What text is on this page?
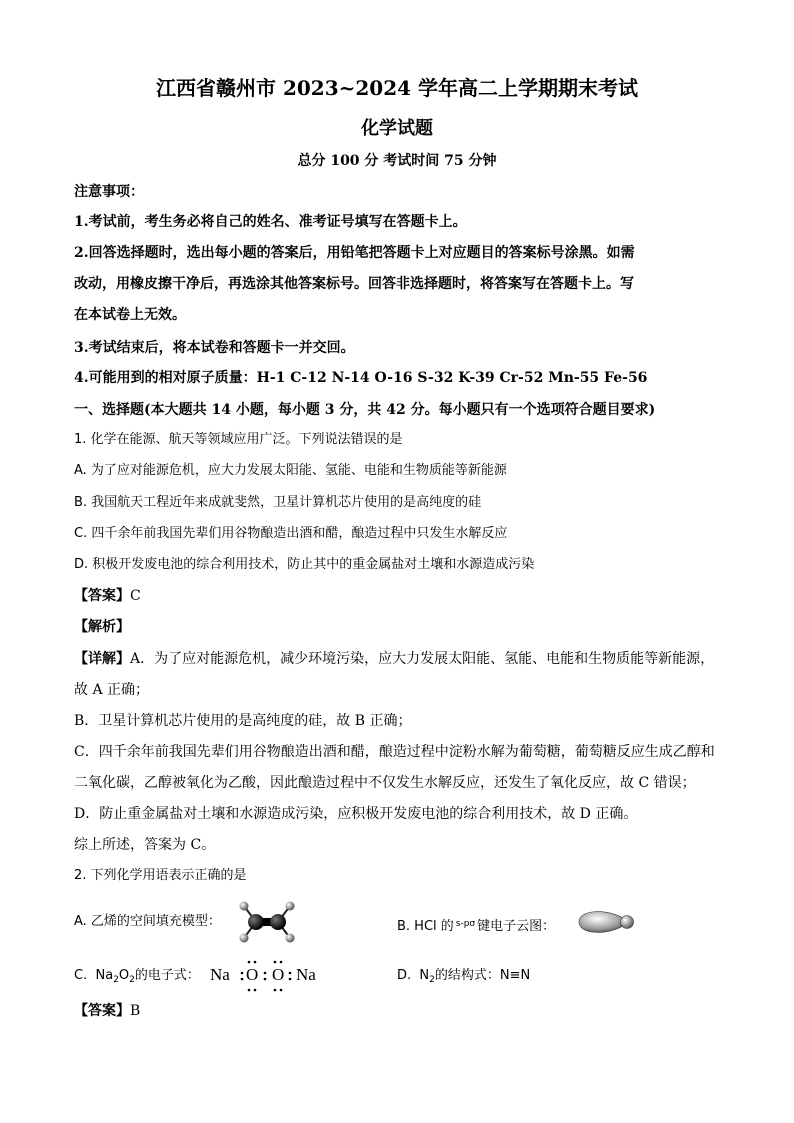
江西省赣州市 2023~2024 学年高二上学期期末考试
化学试题
总分 100 分 考试时间 75 分钟
注意事项：
1.考试前，考生务必将自己的姓名、准考证号填写在答题卡上。
2.回答选择题时，选出每小题的答案后，用铅笔把答题卡上对应题目的答案标号涂黑。如需
改动，用橡皮擦干净后，再选涂其他答案标号。回答非选择题时，将答案写在答题卡上。写
在本试卷上无效。
3.考试结束后，将本试卷和答题卡一并交回。
4.可能用到的相对原子质量：H-1 C-12 N-14 O-16 S-32 K-39 Cr-52 Mn-55 Fe-56
一、选择题(本大题共 14 小题，每小题 3 分，共 42 分。每小题只有一个选项符合题目要求)
1. 化学在能源、航天等领域应用广泛。下列说法错误的是
A. 为了应对能源危机，应大力发展太阳能、氢能、电能和生物质能等新能源
B. 我国航天工程近年来成就斐然，卫星计算机芯片使用的是高纯度的硅
C. 四千余年前我国先辈们用谷物酿造出酒和醋，酿造过程中只发生水解反应
D. 积极开发废电池的综合利用技术，防止其中的重金属盐对土壤和水源造成污染
【答案】C
【解析】
【详解】A．为了应对能源危机，减少环境污染，应大力发展太阳能、氢能、电能和生物质能等新能源，
故 A 正确；
B．卫星计算机芯片使用的是高纯度的硅，故 B 正确；
C．四千余年前我国先辈们用谷物酿造出酒和醋，酿造过程中淀粉水解为葡萄糖，葡萄糖反应生成乙醇和
二氧化碳，乙醇被氧化为乙酸，因此酿造过程中不仅发生水解反应，还发生了氧化反应，故 C 错误；
D．防止重金属盐对土壤和水源造成污染，应积极开发废电池的综合利用技术，故 D 正确。
综上所述，答案为 C。
2. 下列化学用语表示正确的是
A. 乙烯的空间填充模型：	B. HCl 的 $^{s-p\sigma}$ 键电子云图：
C. $Na_2O_2$的电子式： Na O O Na	D. $N_2$的结构式：N≡N
【答案】B
